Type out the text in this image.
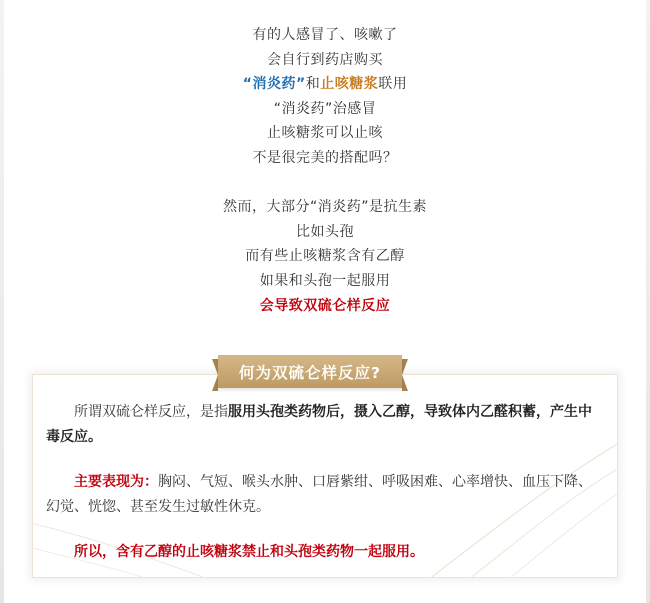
有的人感冒了、咳嗽了

会自行到药店购买

“消炎药”和止咳糖浆联用

“消炎药”治感冒

止咳糖浆可以止咳

不是很完美的搭配吗？

然而，大部分“消炎药”是抗生素

比如头孢

而有些止咳糖浆含有乙醇

如果和头孢一起服用

会导致双硫仑样反应

何为双硫仑样反应?

所谓双硫仑样反应，是指服用头孢类药物后，摄入乙醇，导致体内乙醛积蓄，产生中毒反应。

主要表现为：胸闷、气短、喉头水肿、口唇紫绀、呼吸困难、心率增快、血压下降、幻觉、恍惚、甚至发生过敏性休克。

所以，含有乙醇的止咳糖浆禁止和头孢类药物一起服用。
